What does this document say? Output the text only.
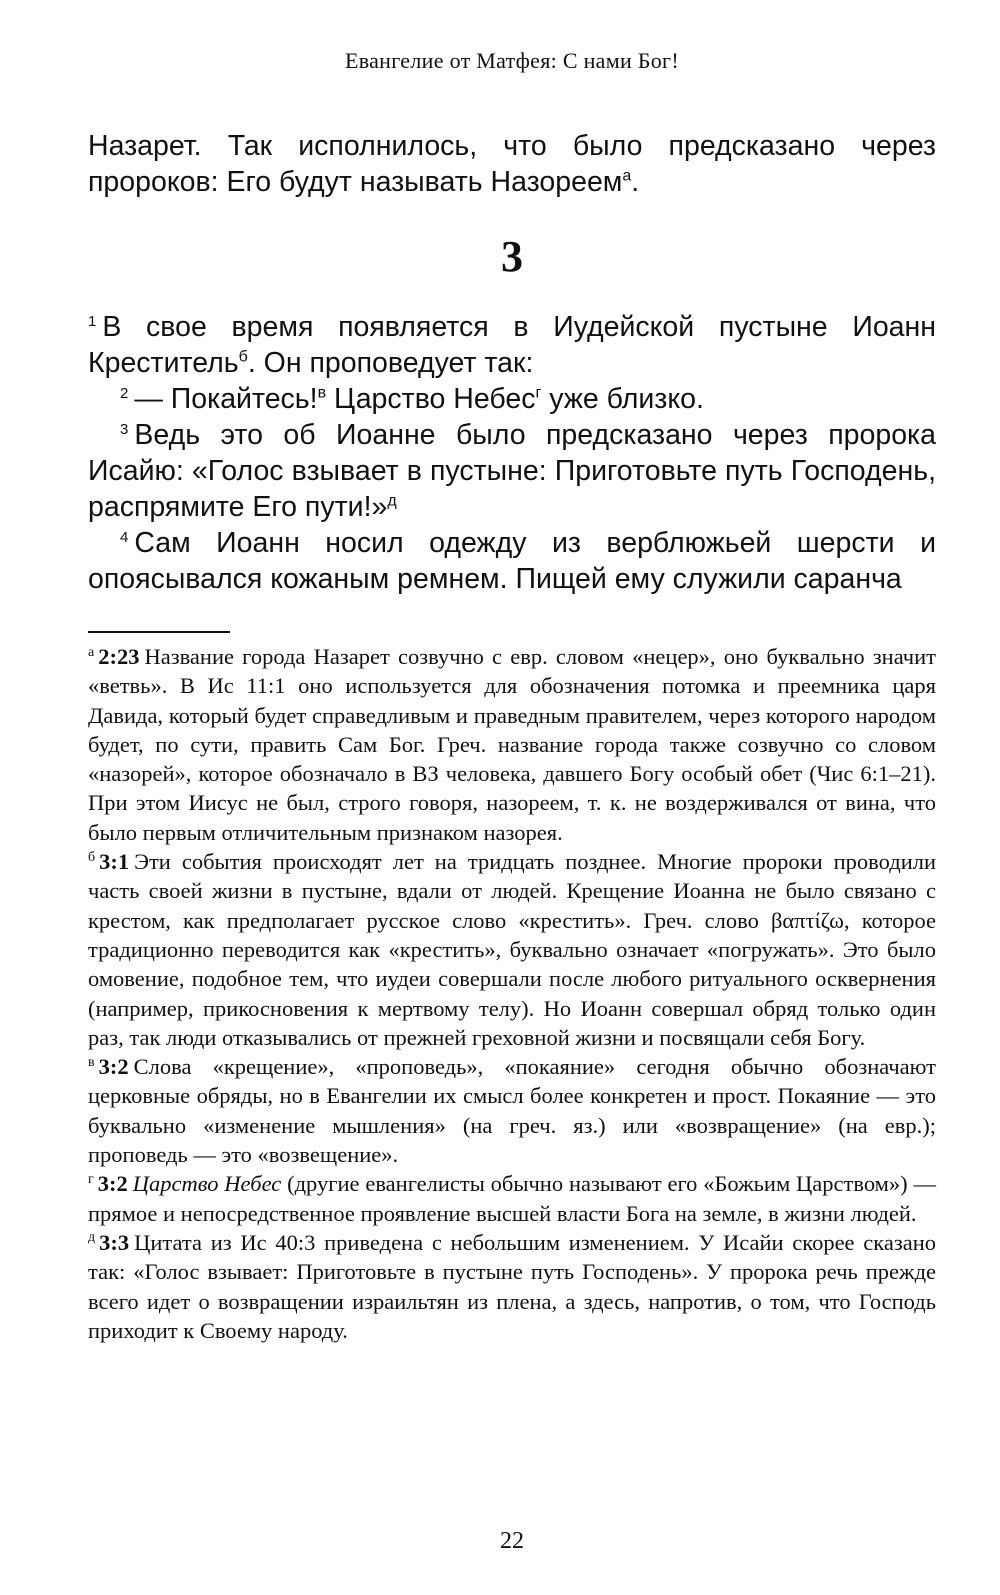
Евангелие от Матфея: С нами Бог!

Назарет. Так исполнилось, что было предсказано через пророков: Его будут называть Назореем$^а$.

3

$^1$ В свое время появляется в Иудейской пустыне Иоанн Креститель$^б$. Он проповедует так:

$^2$ — Покайтесь!$^в$ Царство Небес$^г$ уже близко.

$^3$ Ведь это об Иоанне было предсказано через пророка Исайю: «Голос взывает в пустыне: Приготовьте путь Господень, распрямите Его пути!»$^д$

$^4$ Сам Иоанн носил одежду из верблюжьей шерсти и опоясывался кожаным ремнем. Пищей ему служили саранча

$^а$ 2:23 Название города Назарет созвучно с евр. словом «нецер», оно буквально значит «ветвь». В Ис 11:1 оно используется для обозначения потомка и преемника царя Давида, который будет справедливым и праведным правителем, через которого народом будет, по сути, править Сам Бог. Греч. название города также созвучно со словом «назорей», которое обозначало в ВЗ человека, давшего Богу особый обет (Чис 6:1–21). При этом Иисус не был, строго говоря, назореем, т. к. не воздерживался от вина, что было первым отличительным признаком назорея.

$^б$ 3:1 Эти события происходят лет на тридцать позднее. Многие пророки проводили часть своей жизни в пустыне, вдали от людей. Крещение Иоанна не было связано с крестом, как предполагает русское слово «крестить». Греч. слово βαπτίζω, которое традиционно переводится как «крестить», буквально означает «погружать». Это было омовение, подобное тем, что иудеи совершали после любого ритуального осквернения (например, прикосновения к мертвому телу). Но Иоанн совершал обряд только один раз, так люди отказывались от прежней греховной жизни и посвящали себя Богу.

$^в$ 3:2 Слова «крещение», «проповедь», «покаяние» сегодня обычно обозначают церковные обряды, но в Евангелии их смысл более конкретен и прост. Покаяние — это буквально «изменение мышления» (на греч. яз.) или «возвращение» (на евр.); проповедь — это «возвещение».

$^г$ 3:2 Царство Небес (другие евангелисты обычно называют его «Божьим Царством») — прямое и непосредственное проявление высшей власти Бога на земле, в жизни людей.

$^д$ 3:3 Цитата из Ис 40:3 приведена с небольшим изменением. У Исайи скорее сказано так: «Голос взывает: Приготовьте в пустыне путь Господень». У пророка речь прежде всего идет о возвращении израильтян из плена, а здесь, напротив, о том, что Господь приходит к Своему народу.

22
